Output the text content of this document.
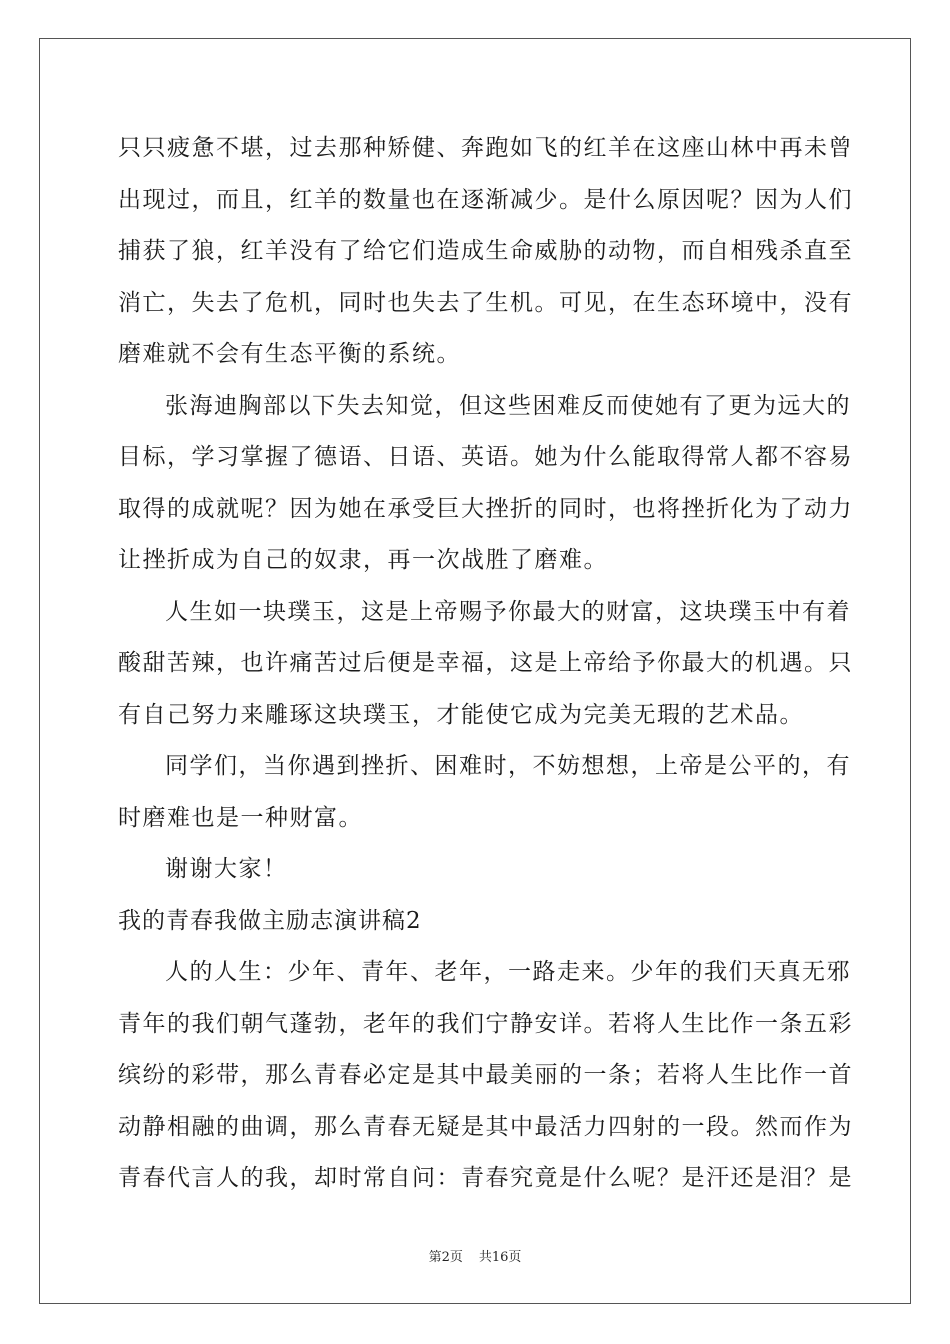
只只疲惫不堪，过去那种矫健、奔跑如飞的红羊在这座山林中再未曾
出现过，而且，红羊的数量也在逐渐减少。是什么原因呢？因为人们
捕获了狼，红羊没有了给它们造成生命威胁的动物，而自相残杀直至
消亡，失去了危机，同时也失去了生机。可见，在生态环境中，没有
磨难就不会有生态平衡的系统。
张海迪胸部以下失去知觉，但这些困难反而使她有了更为远大的
目标，学习掌握了德语、日语、英语。她为什么能取得常人都不容易
取得的成就呢？因为她在承受巨大挫折的同时，也将挫折化为了动力
让挫折成为自己的奴隶，再一次战胜了磨难。
人生如一块璞玉，这是上帝赐予你最大的财富，这块璞玉中有着
酸甜苦辣，也许痛苦过后便是幸福，这是上帝给予你最大的机遇。只
有自己努力来雕琢这块璞玉，才能使它成为完美无瑕的艺术品。
同学们，当你遇到挫折、困难时，不妨想想，上帝是公平的，有
时磨难也是一种财富。
谢谢大家！
我的青春我做主励志演讲稿2
人的人生：少年、青年、老年，一路走来。少年的我们天真无邪
青年的我们朝气蓬勃，老年的我们宁静安详。若将人生比作一条五彩
缤纷的彩带，那么青春必定是其中最美丽的一条；若将人生比作一首
动静相融的曲调，那么青春无疑是其中最活力四射的一段。然而作为
青春代言人的我，却时常自问：青春究竟是什么呢？是汗还是泪？是
第2页 共16页
